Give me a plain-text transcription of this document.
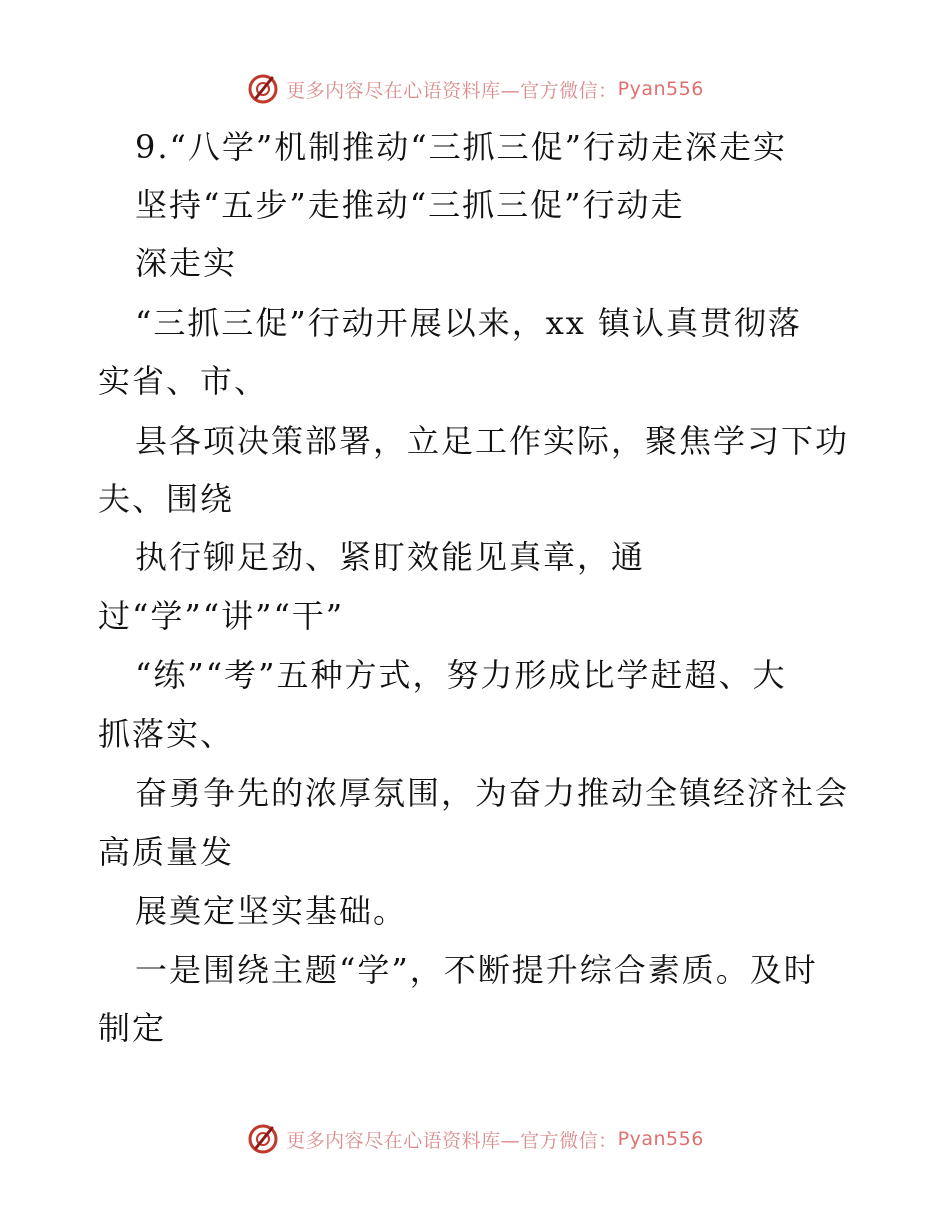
更多内容尽在心语资料库—官方微信： Pyan556
9.“八学”机制推动“三抓三促”行动走深走实
坚持“五步”走推动“三抓三促”行动走
深走实
“三抓三促”行动开展以来，xx 镇认真贯彻落
实省、市、
县各项决策部署，立足工作实际，聚焦学习下功
夫、围绕
执行铆足劲、紧盯效能见真章，通
过“学”“讲”“干”
“练”“考”五种方式，努力形成比学赶超、大
抓落实、
奋勇争先的浓厚氛围，为奋力推动全镇经济社会
高质量发
展奠定坚实基础。
一是围绕主题“学”，不断提升综合素质。及时
制定
更多内容尽在心语资料库—官方微信： Pyan556
